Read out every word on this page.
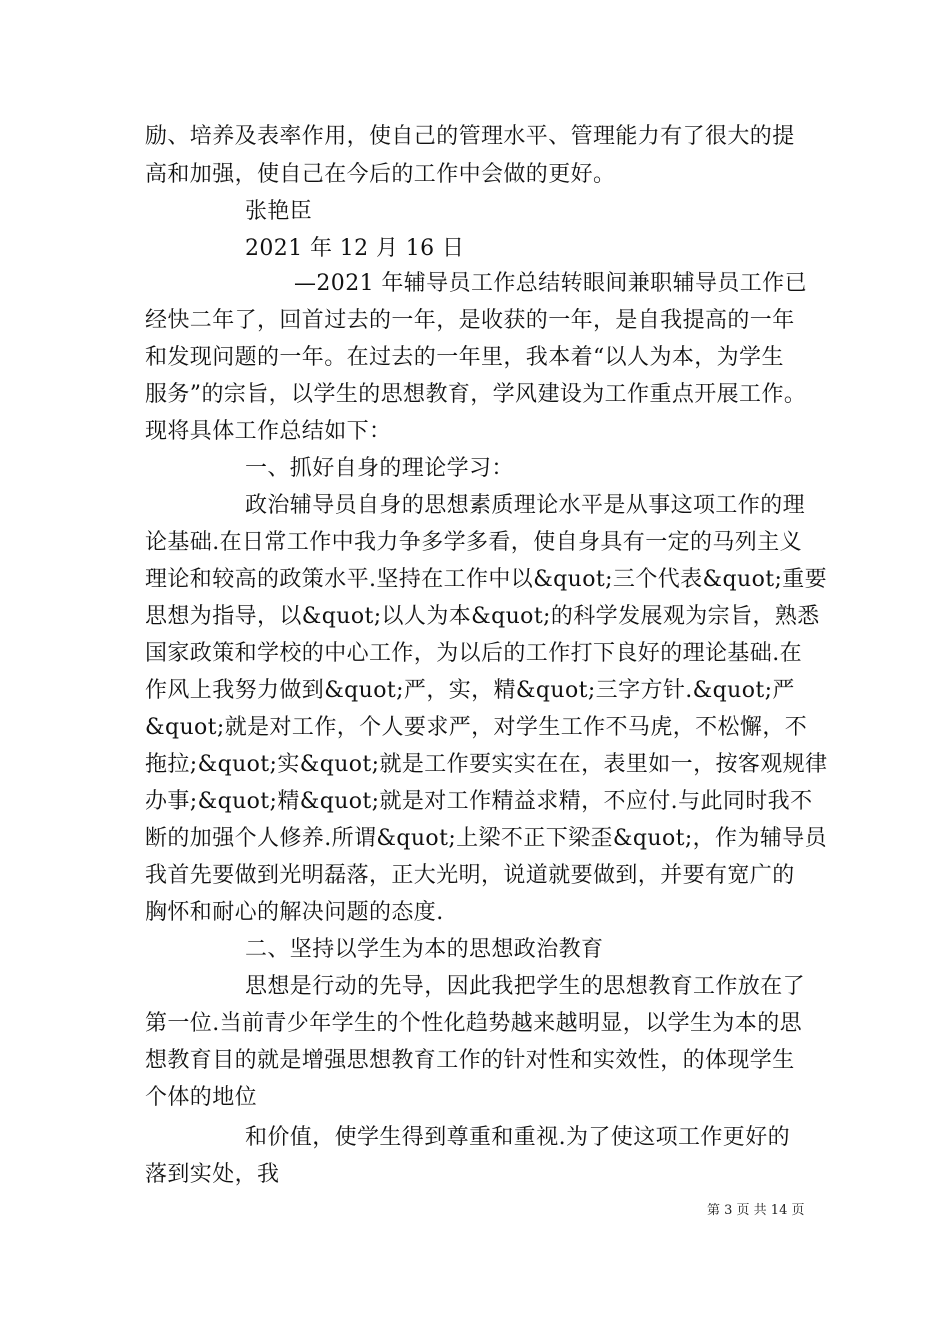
励、培养及表率作用，使自己的管理水平、管理能力有了很大的提
高和加强，使自己在今后的工作中会做的更好。
张艳臣
2021 年 12 月 16 日
—2021 年辅导员工作总结转眼间兼职辅导员工作已
经快二年了，回首过去的一年，是收获的一年，是自我提高的一年
和发现问题的一年。在过去的一年里，我本着“以人为本，为学生
服务”的宗旨，以学生的思想教育，学风建设为工作重点开展工作。
现将具体工作总结如下：
一、抓好自身的理论学习：
政治辅导员自身的思想素质理论水平是从事这项工作的理
论基础.在日常工作中我力争多学多看，使自身具有一定的马列主义
理论和较高的政策水平.坚持在工作中以&quot;三个代表&quot;重要
思想为指导，以&quot;以人为本&quot;的科学发展观为宗旨，熟悉
国家政策和学校的中心工作，为以后的工作打下良好的理论基础.在
作风上我努力做到&quot;严，实，精&quot;三字方针.&quot;严
&quot;就是对工作，个人要求严，对学生工作不马虎，不松懈，不
拖拉;&quot;实&quot;就是工作要实实在在，表里如一，按客观规律
办事;&quot;精&quot;就是对工作精益求精，不应付.与此同时我不
断的加强个人修养.所谓&quot;上梁不正下梁歪&quot;，作为辅导员
我首先要做到光明磊落，正大光明，说道就要做到，并要有宽广的
胸怀和耐心的解决问题的态度.
二、坚持以学生为本的思想政治教育
思想是行动的先导，因此我把学生的思想教育工作放在了
第一位.当前青少年学生的个性化趋势越来越明显，以学生为本的思
想教育目的就是增强思想教育工作的针对性和实效性，的体现学生
个体的地位
和价值，使学生得到尊重和重视.为了使这项工作更好的
落到实处，我
第 3 页 共 14 页
